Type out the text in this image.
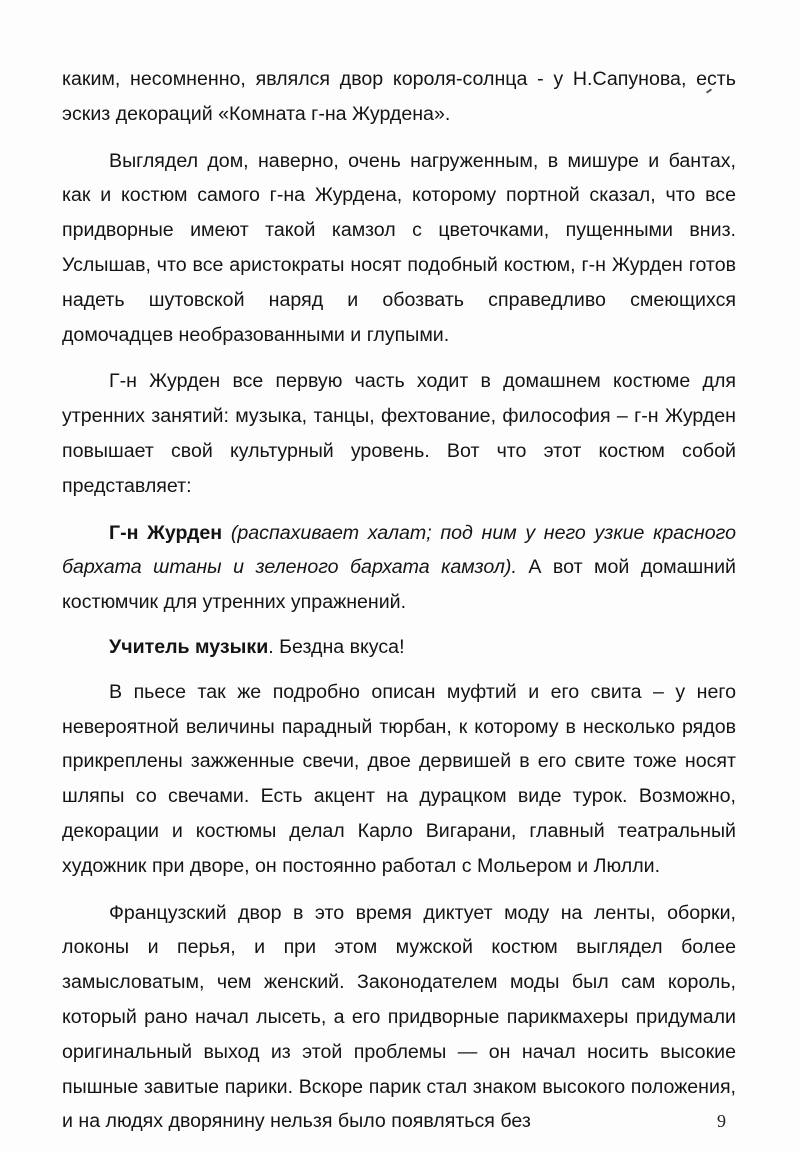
каким, несомненно, являлся двор короля-солнца - у Н.Сапунова, есть эскиз декораций «Комната г-на Журдена».

Выглядел дом, наверно, очень нагруженным, в мишуре и бантах, как и костюм самого г-на Журдена, которому портной сказал, что все придворные имеют такой камзол с цветочками, пущенными вниз. Услышав, что все аристократы носят подобный костюм, г-н Журден готов надеть шутовской наряд и обозвать справедливо смеющихся домочадцев необразованными и глупыми.

Г-н Журден все первую часть ходит в домашнем костюме для утренних занятий: музыка, танцы, фехтование, философия – г-н Журден повышает свой культурный уровень. Вот что этот костюм собой представляет:

Г-н Журден (распахивает халат; под ним у него узкие красного бархата штаны и зеленого бархата камзол). А вот мой домашний костюмчик для утренних упражнений.

Учитель музыки. Бездна вкуса!

В пьесе так же подробно описан муфтий и его свита – у него невероятной величины парадный тюрбан, к которому в несколько рядов прикреплены зажженные свечи, двое дервишей в его свите тоже носят шляпы со свечами. Есть акцент на дурацком виде турок. Возможно, декорации и костюмы делал Карло Вигарани, главный театральный художник при дворе, он постоянно работал с Мольером и Люлли.

Французский двор в это время диктует моду на ленты, оборки, локоны и перья, и при этом мужской костюм выглядел более замысловатым, чем женский. Законодателем моды был сам король, который рано начал лысеть, а его придворные парикмахеры придумали оригинальный выход из этой проблемы — он начал носить высокие пышные завитые парики. Вскоре парик стал знаком высокого положения, и на людях дворянину нельзя было появляться без	9
